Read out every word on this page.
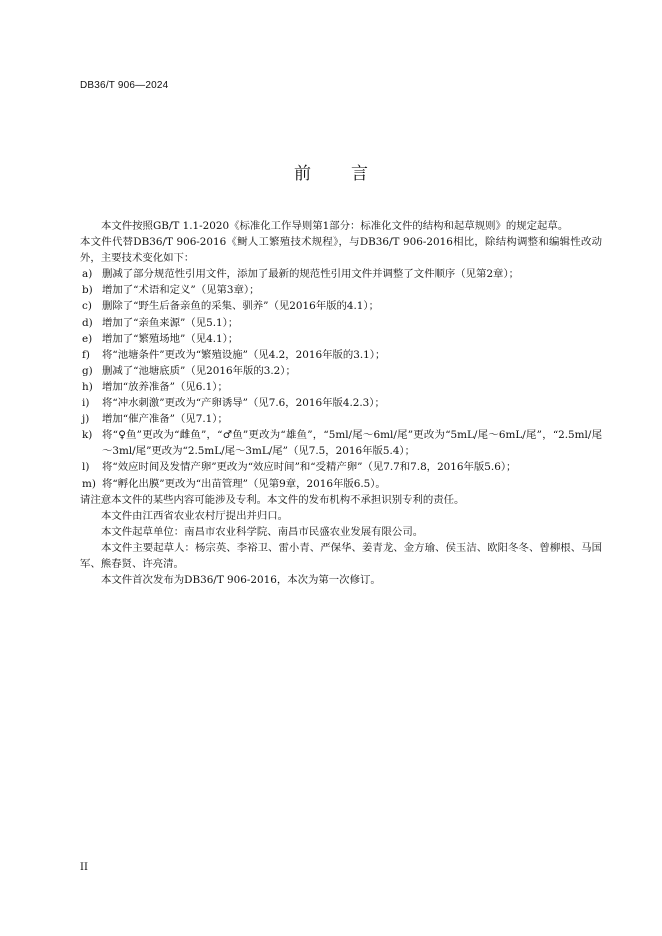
DB36/T 906—2024
前 言

本文件按照GB/T 1.1-2020《标准化工作导则第1部分：标准化文件的结构和起草规则》的规定起草。

本文件代替DB36/T 906-2016《鲥人工繁殖技术规程》，与DB36/T 906-2016相比，除结构调整和编辑性改动外，主要技术变化如下：

a) 删减了部分规范性引用文件，添加了最新的规范性引用文件并调整了文件顺序（见第2章）；
b) 增加了“术语和定义”（见第3章）；
c) 删除了“野生后备亲鱼的采集、驯养”（见2016年版的4.1）；
d) 增加了“亲鱼来源”（见5.1）；
e) 增加了“繁殖场地”（见4.1）；
f)	将“池塘条件”更改为“繁殖设施”（见4.2，2016年版的3.1）；
g) 删减了“池塘底质”（见2016年版的3.2）；
h) 增加“放养准备”（见6.1）；
i)	将“冲水刺激”更改为“产卵诱导”（见7.6，2016年版4.2.3）；
j)	增加“催产准备”（见7.1）；
k) 将“♀鱼”更改为“雌鱼”，“♂鱼”更改为“雄鱼”，“5ml/尾～6ml/尾”更改为“5mL/尾～6mL/尾”，“2.5ml/尾～3ml/尾”更改为“2.5mL/尾～3mL/尾”（见7.5，2016年版5.4）；
l)	将“效应时间及发情产卵”更改为“效应时间”和“受精产卵”（见7.7和7.8，2016年版5.6）；
m) 将“孵化出膜”更改为“出苗管理”（见第9章，2016年版6.5）。

请注意本文件的某些内容可能涉及专利。本文件的发布机构不承担识别专利的责任。

本文件由江西省农业农村厅提出并归口。

本文件起草单位：南昌市农业科学院、南昌市民盛农业发展有限公司。

本文件主要起草人：杨宗英、李裕卫、雷小青、严保华、姜青龙、金方瑜、侯玉洁、欧阳冬冬、曾柳根、马国军、熊春贤、许亮清。

本文件首次发布为DB36/T 906-2016，本次为第一次修订。

II
